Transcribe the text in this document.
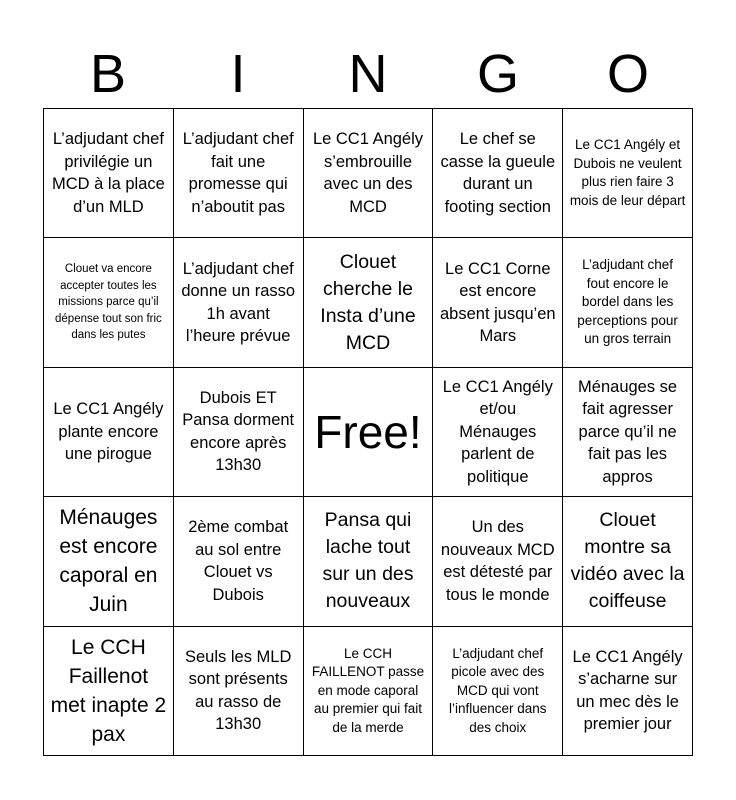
B	I	N	G	O
L’adjudant chef privilégie un MCD à la place d’un MLD
L’adjudant chef fait une promesse qui n’aboutit pas
Le CC1 Angély s’embrouille avec un des MCD
Le chef se casse la gueule durant un footing section
Le CC1 Angély et Dubois ne veulent plus rien faire 3 mois de leur départ
Clouet va encore accepter toutes les missions parce qu’il dépense tout son fric dans les putes
L’adjudant chef donne un rasso 1h avant l’heure prévue
Clouet cherche le Insta d’une MCD
Le CC1 Corne est encore absent jusqu’en Mars
L’adjudant chef fout encore le bordel dans les perceptions pour un gros terrain
Le CC1 Angély plante encore une pirogue
Dubois ET Pansa dorment encore après 13h30
Free!
Le CC1 Angély et/ou Ménauges parlent de politique
Ménauges se fait agresser parce qu’il ne fait pas les appros
Ménauges est encore caporal en Juin
2ème combat au sol entre Clouet vs Dubois
Pansa qui lache tout sur un des nouveaux
Un des nouveaux MCD est détesté par tous le monde
Clouet montre sa vidéo avec la coiffeuse
Le CCH Faillenot met inapte 2 pax
Seuls les MLD sont présents au rasso de 13h30
Le CCH FAILLENOT passe en mode caporal au premier qui fait de la merde
L’adjudant chef picole avec des MCD qui vont l’influencer dans des choix
Le CC1 Angély s’acharne sur un mec dès le premier jour
